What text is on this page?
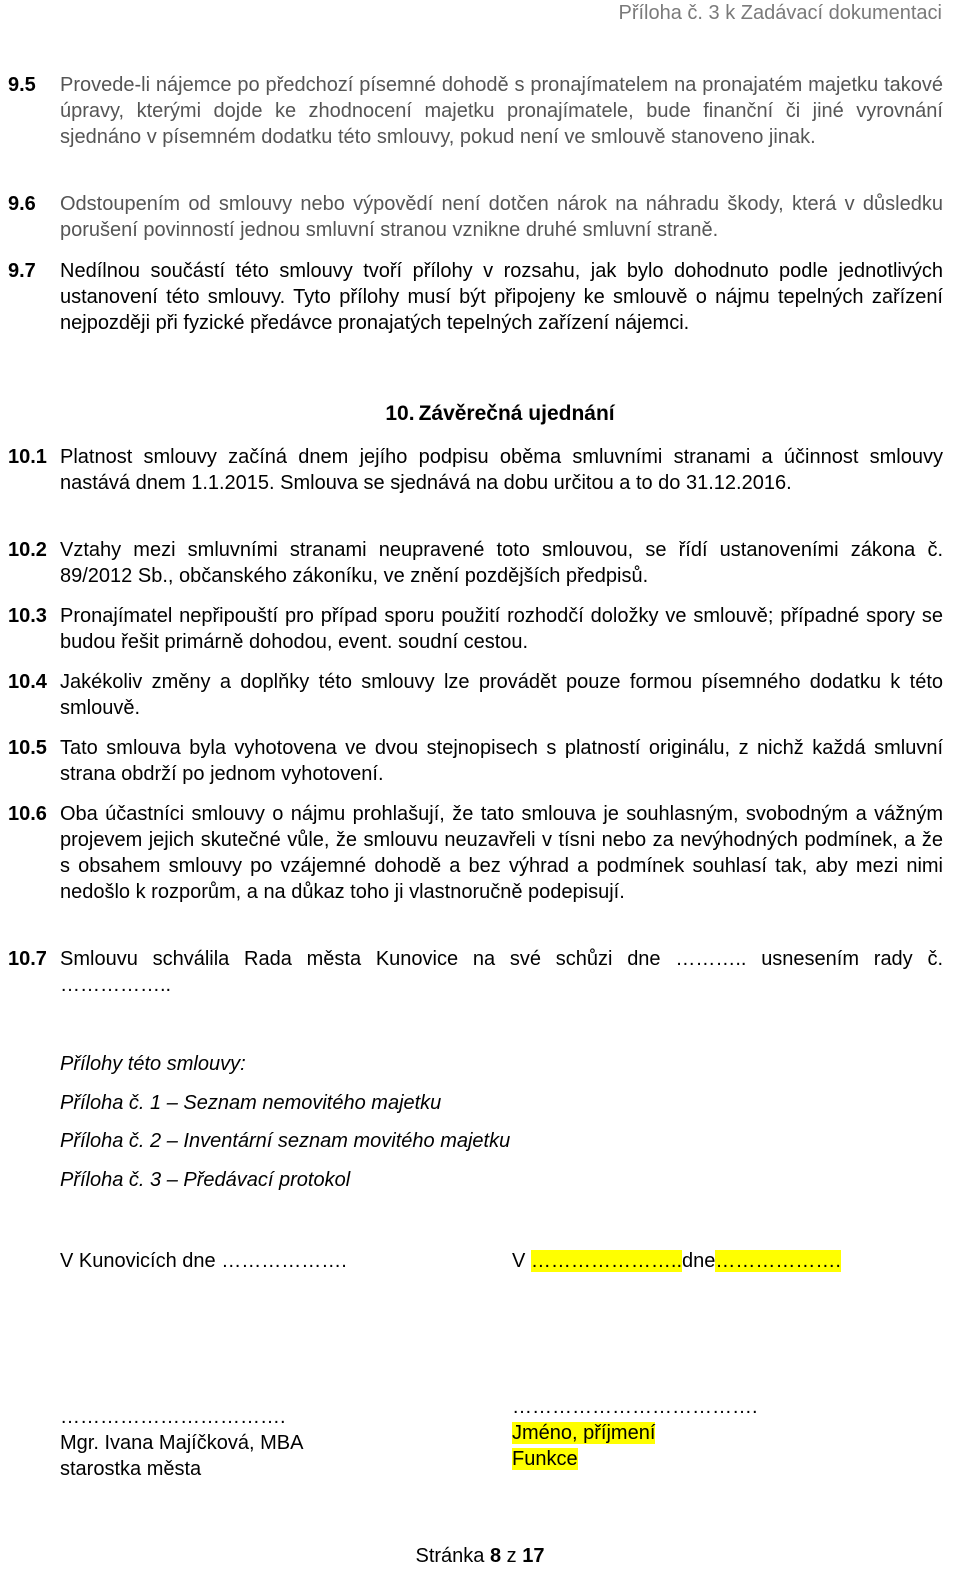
Příloha č. 3 k Zadávací dokumentaci
9.5 Provede-li nájemce po předchozí písemné dohodě s pronajímatelem na pronajatém majetku takové úpravy, kterými dojde ke zhodnocení majetku pronajímatele, bude finanční či jiné vyrovnání sjednáno v písemném dodatku této smlouvy, pokud není ve smlouvě stanoveno jinak.
9.6 Odstoupením od smlouvy nebo výpovědí není dotčen nárok na náhradu škody, která v důsledku porušení povinností jednou smluvní stranou vznikne druhé smluvní straně.
9.7 Nedílnou součástí této smlouvy tvoří přílohy v rozsahu, jak bylo dohodnuto podle jednotlivých ustanovení této smlouvy. Tyto přílohy musí být připojeny ke smlouvě o nájmu tepelných zařízení nejpozději při fyzické předávce pronajatých tepelných zařízení nájemci.
10. Závěrečná ujednání
10.1 Platnost smlouvy začíná dnem jejího podpisu oběma smluvními stranami a účinnost smlouvy nastává dnem 1.1.2015. Smlouva se sjednává na dobu určitou a to do 31.12.2016.
10.2 Vztahy mezi smluvními stranami neupravené toto smlouvou, se řídí ustanoveními zákona č. 89/2012 Sb., občanského zákoníku, ve znění pozdějších předpisů.
10.3 Pronajímatel nepřipouští pro případ sporu použití rozhodčí doložky ve smlouvě; případné spory se budou řešit primárně dohodou, event. soudní cestou.
10.4 Jakékoliv změny a doplňky této smlouvy lze provádět pouze formou písemného dodatku k této smlouvě.
10.5 Tato smlouva byla vyhotovena ve dvou stejnopisech s platností originálu, z nichž každá smluvní strana obdrží po jednom vyhotovení.
10.6 Oba účastníci smlouvy o nájmu prohlašují, že tato smlouva je souhlasným, svobodným a vážným projevem jejich skutečné vůle, že smlouvu neuzavřeli v tísni nebo za nevýhodných podmínek, a že s obsahem smlouvy po vzájemné dohodě a bez výhrad a podmínek souhlasí tak, aby mezi nimi nedošlo k rozporům, a na důkaz toho ji vlastnoručně podepisují.
10.7 Smlouvu schválila Rada města Kunovice na své schůzi dne ……….. usnesením rady č. ……………..
Přílohy této smlouvy:
Příloha č. 1 – Seznam nemovitého majetku
Příloha č. 2 – Inventární seznam movitého majetku
Příloha č. 3 – Předávací protokol
V Kunovicích dne ……………….	V …………………..dne……………….
…………………………….
Mgr. Ivana Majíčková, MBA
starostka města
……………………………….
Jméno, příjmení
Funkce
Stránka 8 z 17
